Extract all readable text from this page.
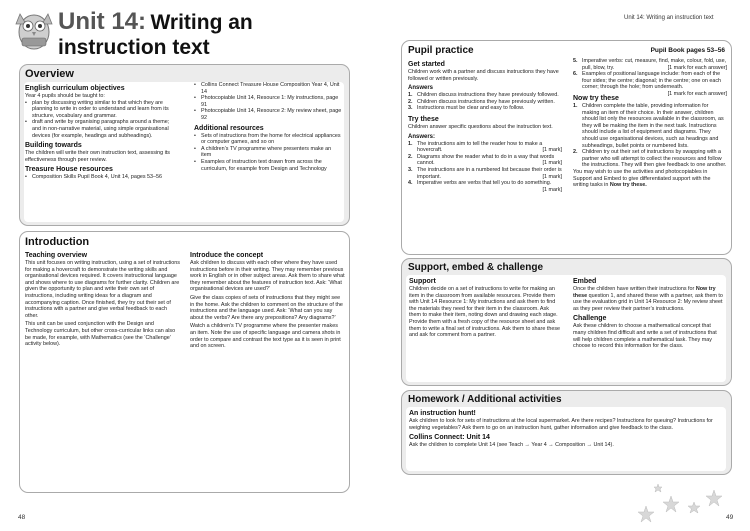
Unit 14: Writing an
instruction text
Unit 14: Writing an instruction text
Overview
English curriculum objectives
Year 4 pupils should be taught to:
• plan by discussing writing similar to that which they are planning to write in order to understand and learn from its structure, vocabulary and grammar.
• draft and write by organising paragraphs around a theme; and in non-narrative material, using simple organisational devices (for example, headings and subheadings).
Building towards
The children will write their own instruction text, assessing its effectiveness through peer review.
Treasure House resources
• Composition Skills Pupil Book 4, Unit 14, pages 53–56
• Collins Connect Treasure House Composition Year 4, Unit 14
• Photocopiable Unit 14, Resource 1: My instructions, page 91
• Photocopiable Unit 14, Resource 2: My review sheet, page 92
Additional resources
• Sets of instructions from the home for electrical appliances or computer games, and so on
• A children’s TV programme where presenters make an item
• Examples of instruction text drawn from across the curriculum, for example from Design and Technology
Introduction
Teaching overview
This unit focuses on writing instruction, using a set of instructions for making a hovercraft to demonstrate the writing skills and organisational devices required. It covers instructional language and shows where to use diagrams for further clarity. Children are given the opportunity to plan and write their own set of instructions, including writing ideas for a diagram and accompanying caption. Once finished, they try out their set of instructions with a partner and give verbal feedback to each other.
This unit can be used conjunction with the Design and Technology curriculum, but other cross-curricular links can also be made, for example, with Mathematics (see the ‘Challenge’ activity below).
Introduce the concept
Ask children to discuss with each other where they have used instructions before in their writing. They may remember previous work in English or in other subject areas. Ask them to share what they remember about the features of instruction text. Ask: ‘What organisational devices are used?’
Give the class copies of sets of instructions that they might see in the home. Ask the children to comment on the structure of the instructions and the language used. Ask: ‘What can you say about the verbs? Are there any prepositions? Any diagrams?’
Watch a children’s TV programme where the presenter makes an item. Note the use of specific language and camera shots in order to compare and contrast the text type as it is seen in print and on screen.
Pupil practice	Pupil Book pages 53–56
Get started
Children work with a partner and discuss instructions they have followed or written previously.
Answers
1. Children discuss instructions they have previously followed.
2. Children discuss instructions they have previously written.
3. Instructions must be clear and easy to follow.
Try these
Children answer specific questions about the instruction text.
Answers:
1. The instructions aim to tell the reader how to make a hovercraft.	[1 mark]
2. Diagrams show the reader what to do in a way that words cannot.	[1 mark]
3. The instructions are in a numbered list because their order is important.	[1 mark]
4. Imperative verbs are verbs that tell you to do something.
[1 mark]
5. Imperative verbs: cut, measure, find, make, colour, fold, use, pull, blow, try.	[1 mark for each answer]
6. Examples of positional language include: from each of the four sides; the centre; diagonal; in the centre; one on each corner; through the hole; from underneath.
[1 mark for each answer]
Now try these
1. Children complete the table, providing information for making an item of their choice. In their answer, children should list only the resources available in the classroom, as they will be making the item in the next task. Instructions should include a list of equipment and diagrams. They should use organisational devices, such as headings and subheadings, bullet points or numbered lists.
2. Children try out their set of instructions by swapping with a partner who will attempt to collect the resources and follow the instructions. They will then give feedback to one another.
You may wish to use the activities and photocopiables in Support and Embed to give differentiated support with the writing tasks in Now try these.
Support, embed & challenge
Support
Children decide on a set of instructions to write for making an item in the classroom from available resources. Provide them with Unit 14 Resource 1: My instructions and ask them to find the materials they need for their item in the classroom. Ask them to make their item, noting down and drawing each stage. Provide them with a fresh copy of the resource sheet and ask them to write a final set of instructions. Ask them to share these and ask for comment from a partner.
Embed
Once the children have written their instructions for Now try these question 1, and shared these with a partner, ask them to use the evaluation grid in Unit 14 Resource 2: My review sheet as they peer review their partner’s instructions.
Challenge
Ask these children to choose a mathematical concept that many children find difficult and write a set of instructions that will help children complete a mathematical task. They may choose to record this information for the class.
Homework / Additional activities
An instruction hunt!
Ask children to look for sets of instructions at the local supermarket. Are there recipes? Instructions for queuing? Instructions for weighing vegetables? Ask them to go on an instruction hunt, gather information and give feedback to the class.
Collins Connect: Unit 14
Ask the children to complete Unit 14 (see Teach → Year 4 → Composition → Unit 14).
48	49
